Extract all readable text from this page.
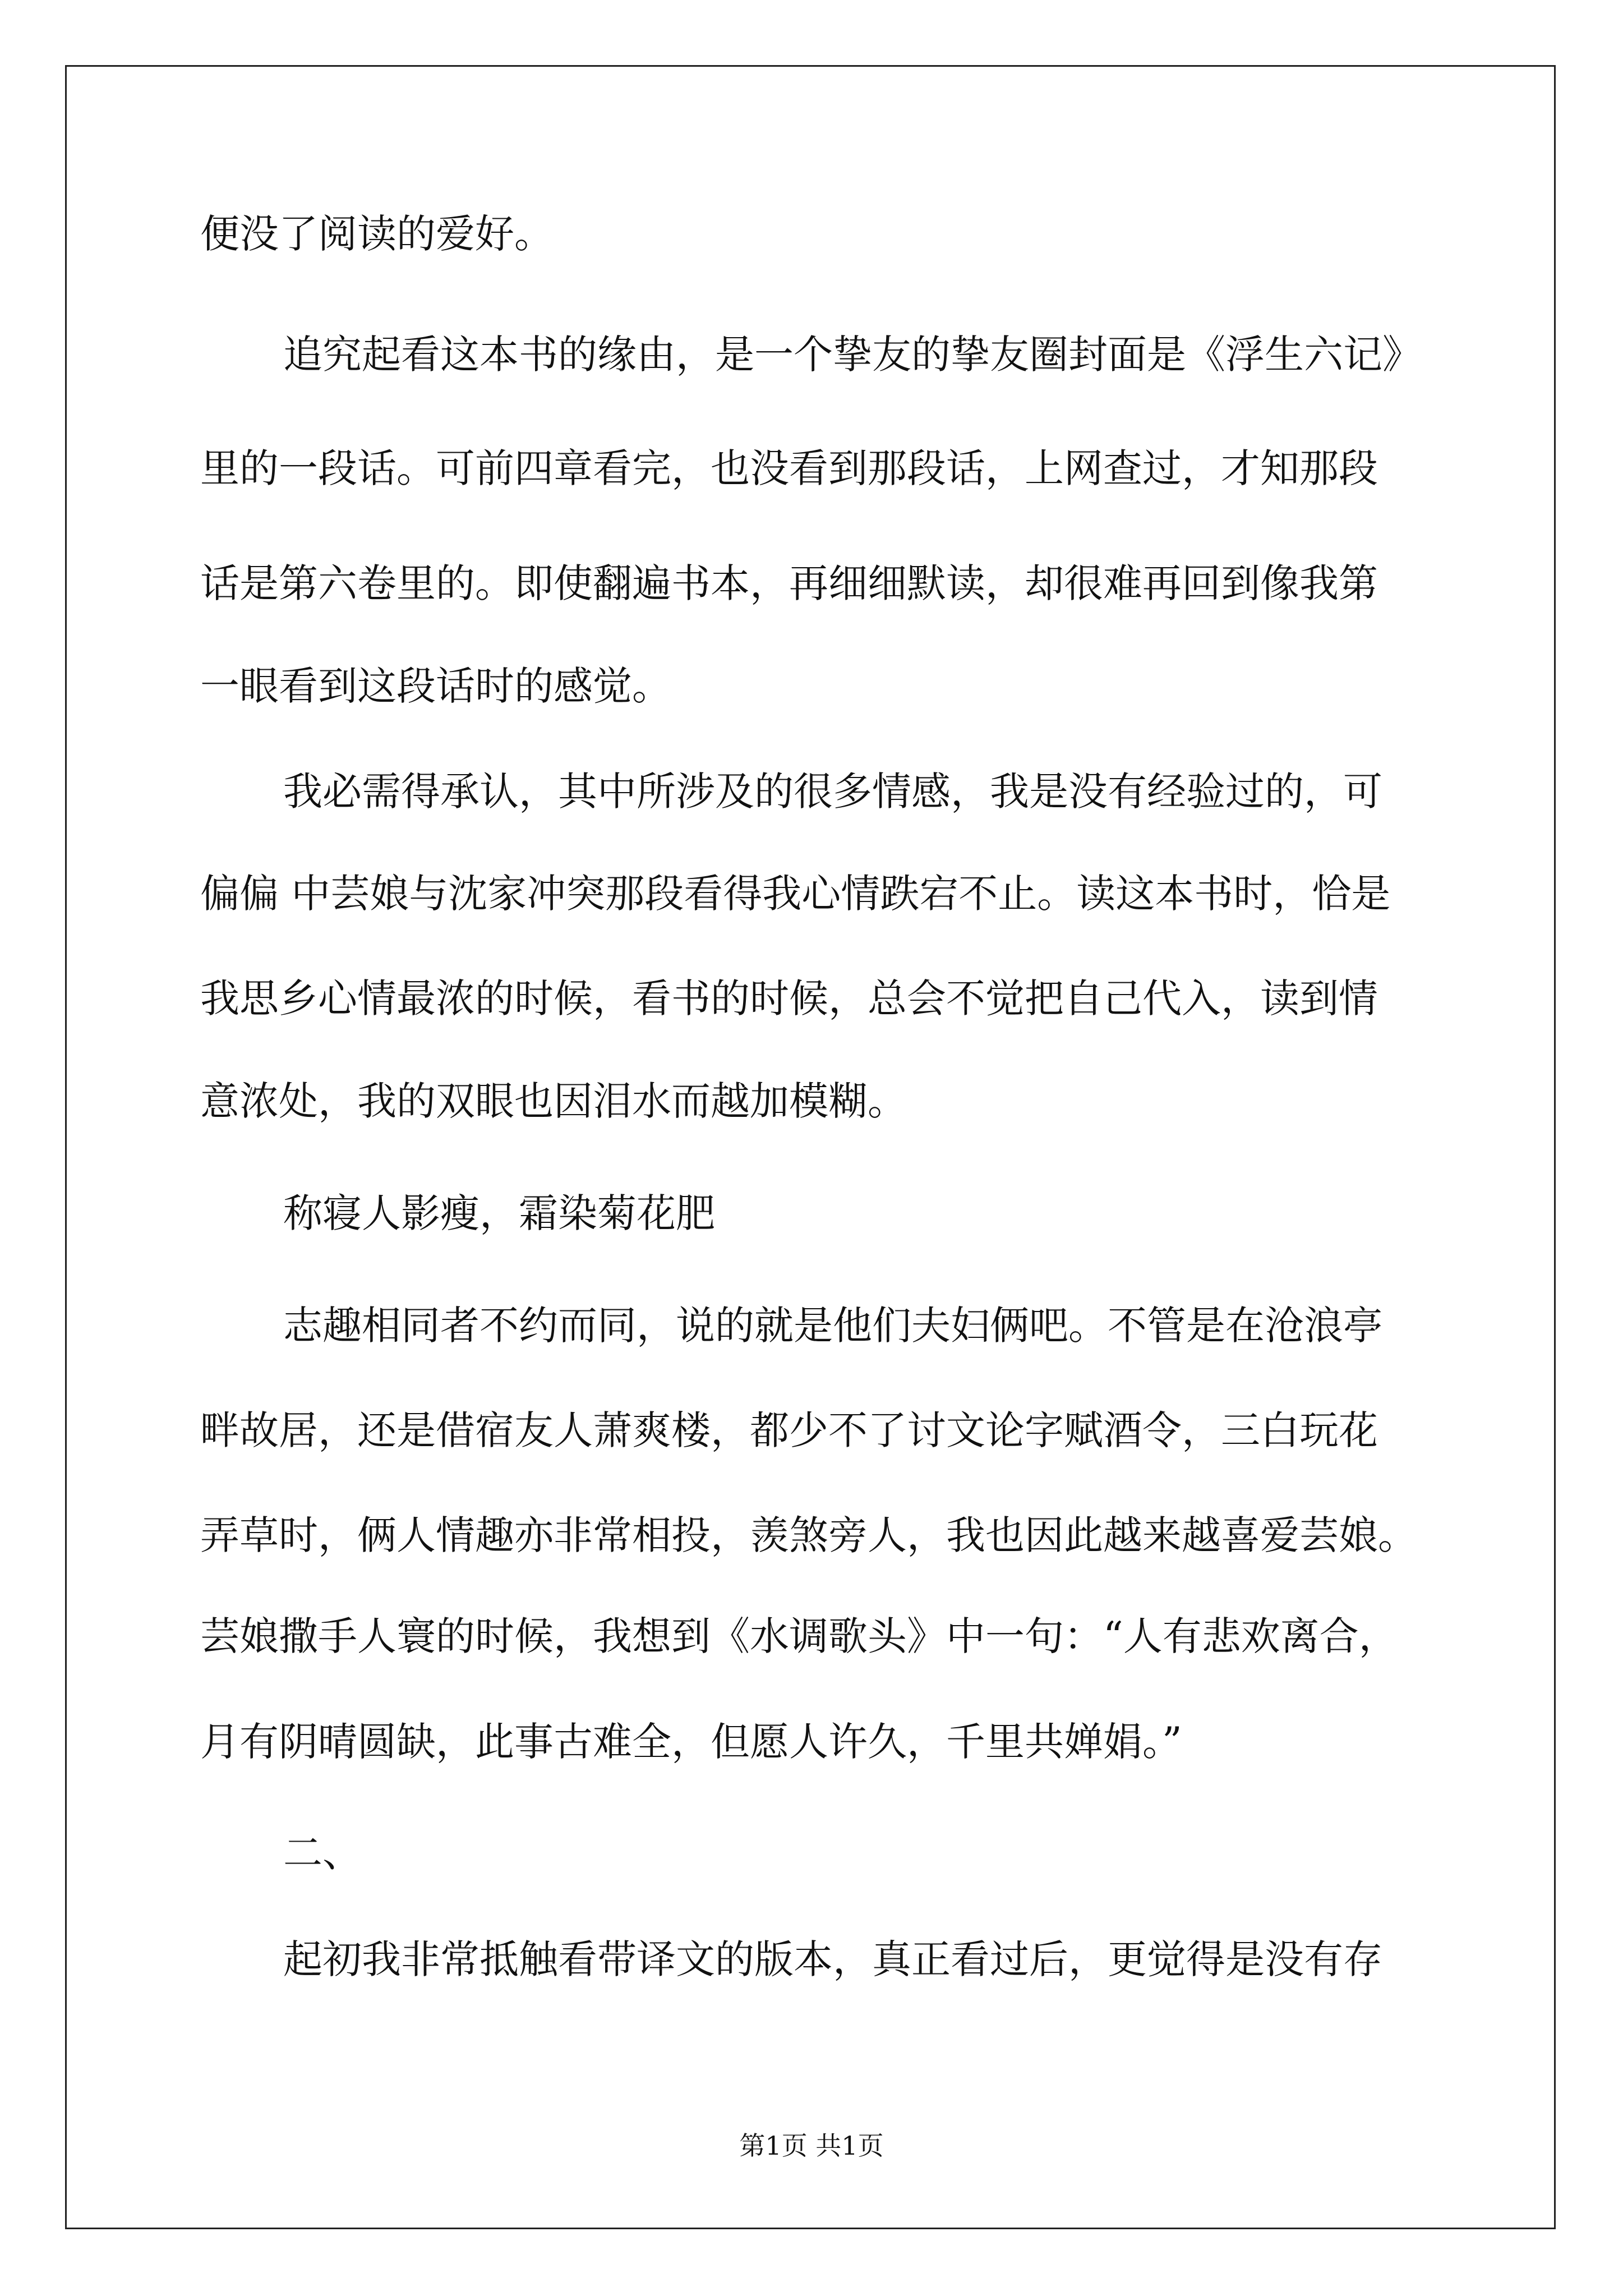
便没了阅读的爱好。
追究起看这本书的缘由，是一个挚友的挚友圈封面是《浮生六记》
里的一段话。可前四章看完，也没看到那段话，上网查过，才知那段
话是第六卷里的。即使翻遍书本，再细细默读，却很难再回到像我第
一眼看到这段话时的感觉。
我必需得承认，其中所涉及的很多情感，我是没有经验过的，可
偏偏 中芸娘与沈家冲突那段看得我心情跌宕不止。读这本书时，恰是
我思乡心情最浓的时候，看书的时候，总会不觉把自己代入，读到情
意浓处，我的双眼也因泪水而越加模糊。
称寝人影瘦，霜染菊花肥
志趣相同者不约而同，说的就是他们夫妇俩吧。不管是在沧浪亭
畔故居，还是借宿友人萧爽楼，都少不了讨文论字赋酒令，三白玩花
弄草时，俩人情趣亦非常相投，羡煞旁人，我也因此越来越喜爱芸娘。
芸娘撒手人寰的时候，我想到《水调歌头》中一句：“人有悲欢离合，
月有阴晴圆缺，此事古难全，但愿人许久，千里共婵娟。”
二、
起初我非常抵触看带译文的版本，真正看过后，更觉得是没有存
第1页 共1页
